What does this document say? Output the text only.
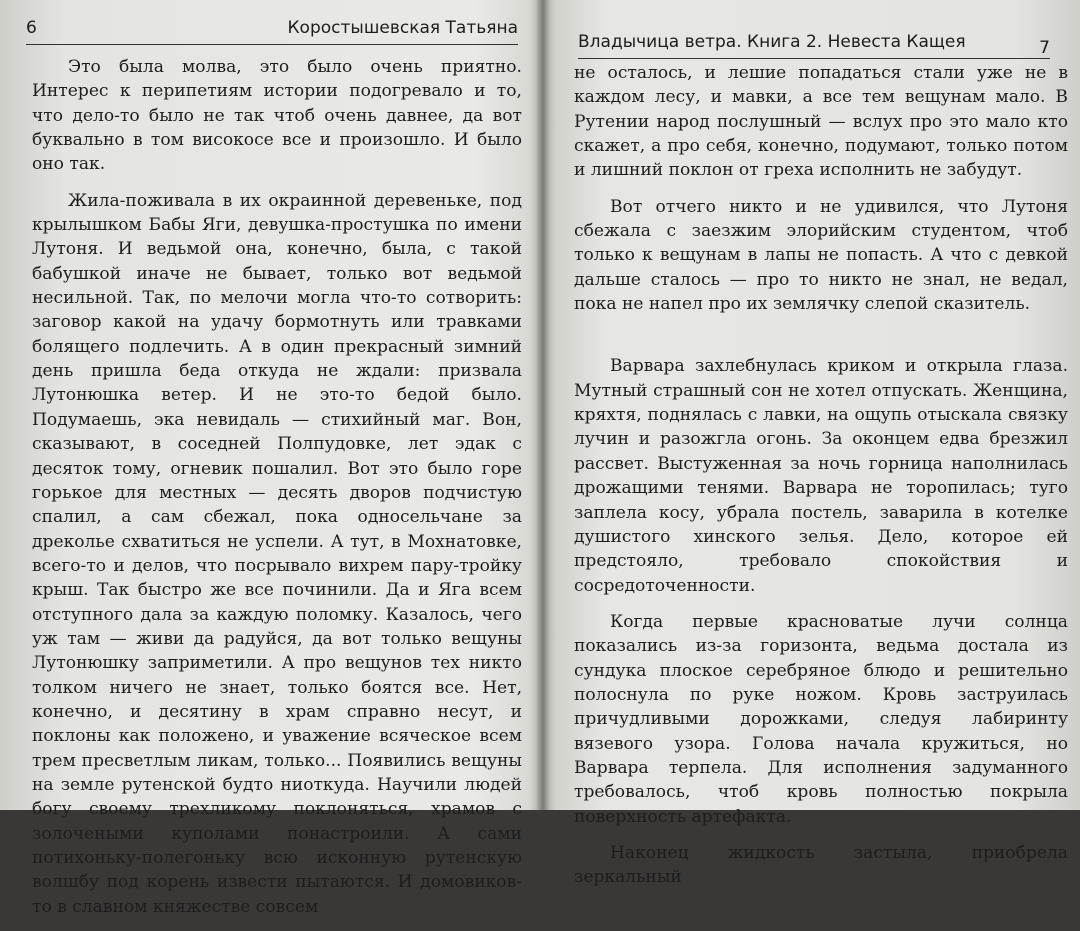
6	Коростышевская Татьяна

Это была молва, это было очень приятно. Интерес к перипетиям истории подогревало и то, что дело-то было не так чтоб очень давнее, да вот буквально в том високосе все и произошло. И было оно так.

Жила-поживала в их окраинной деревеньке, под крылышком Бабы Яги, девушка-простушка по имени Лутоня. И ведьмой она, конечно, была, с такой бабушкой иначе не бывает, только вот ведьмой несильной. Так, по мелочи могла что-то сотворить: заговор какой на удачу бормотнуть или травками болящего подлечить. А в один прекрасный зимний день пришла беда откуда не ждали: призвала Лутонюшка ветер. И не это-то бедой было. Подумаешь, эка невидаль — стихийный маг. Вон, сказывают, в соседней Полпудовке, лет эдак с десяток тому, огневик пошалил. Вот это было горе горькое для местных — десять дворов подчистую спалил, а сам сбежал, пока односельчане за дреколье схватиться не успели. А тут, в Мохнатовке, всего-то и делов, что посрывало вихрем пару-тройку крыш. Так быстро же все починили. Да и Яга всем отступного дала за каждую поломку. Казалось, чего уж там — живи да радуйся, да вот только вещуны Лутонюшку заприметили. А про вещунов тех никто толком ничего не знает, только боятся все. Нет, конечно, и десятину в храм справно несут, и поклоны как положено, и уважение всяческое всем трем пресветлым ликам, только... Появились вещуны на земле рутенской будто ниоткуда. Научили людей богу своему трехликому поклоняться, храмов с золочеными куполами понастроили. А сами потихоньку-полегоньку всю исконную рутенскую волшбу под корень извести пытаются. И домовиков-то в славном княжестве совсем

Владычица ветра. Книга 2. Невеста Кащея	7

не осталось, и лешие попадаться стали уже не в каждом лесу, и мавки, а все тем вещунам мало. В Рутении народ послушный — вслух про это мало кто скажет, а про себя, конечно, подумают, только потом и лишний поклон от греха исполнить не забудут.

Вот отчего никто и не удивился, что Лутоня сбежала с заезжим элорийским студентом, чтоб только к вещунам в лапы не попасть. А что с девкой дальше сталось — про то никто не знал, не ведал, пока не напел про их землячку слепой сказитель.

Варвара захлебнулась криком и открыла глаза. Мутный страшный сон не хотел отпускать. Женщина, кряхтя, поднялась с лавки, на ощупь отыскала связку лучин и разожгла огонь. За оконцем едва брезжил рассвет. Выстуженная за ночь горница наполнилась дрожащими тенями. Варвара не торопилась; туго заплела косу, убрала постель, заварила в котелке душистого хинского зелья. Дело, которое ей предстояло, требовало спокойствия и сосредоточенности.

Когда первые красноватые лучи солнца показались из-за горизонта, ведьма достала из сундука плоское серебряное блюдо и решительно полоснула по руке ножом. Кровь заструилась причудливыми дорожками, следуя лабиринту вязевого узора. Голова начала кружиться, но Варвара терпела. Для исполнения задуманного требовалось, чтоб кровь полностью покрыла поверхность артефакта.

Наконец жидкость застыла, приобрела зеркальный
